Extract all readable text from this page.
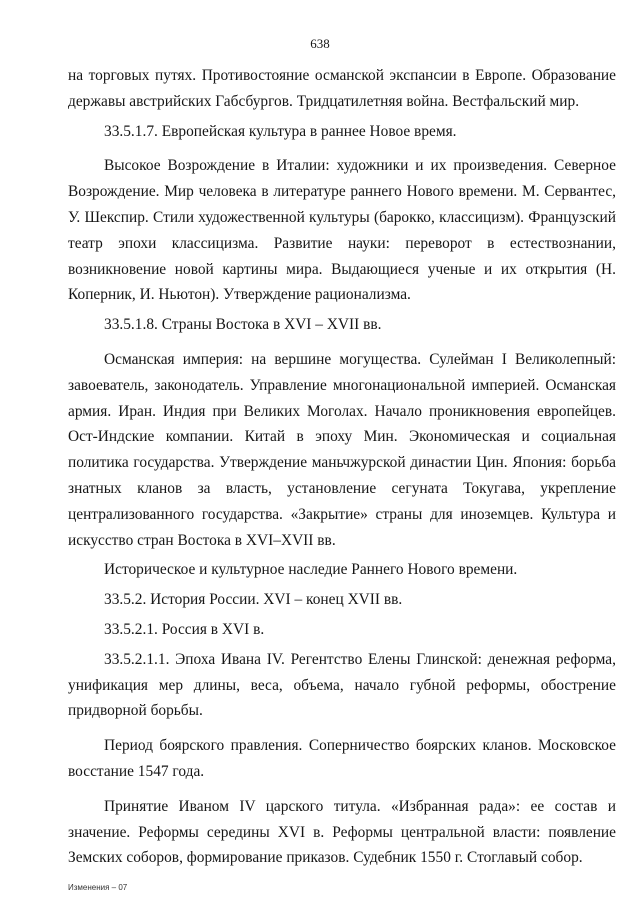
638

на торговых путях. Противостояние османской экспансии в Европе. Образование державы австрийских Габсбургов. Тридцатилетняя война. Вестфальский мир.

33.5.1.7. Европейская культура в раннее Новое время.

Высокое Возрождение в Италии: художники и их произведения. Северное Возрождение. Мир человека в литературе раннего Нового времени. М. Сервантес, У. Шекспир. Стили художественной культуры (барокко, классицизм). Французский театр эпохи классицизма. Развитие науки: переворот в естествознании, возникновение новой картины мира. Выдающиеся ученые и их открытия (Н. Коперник, И. Ньютон). Утверждение рационализма.

33.5.1.8. Страны Востока в XVI – XVII вв.

Османская империя: на вершине могущества. Сулейман I Великолепный: завоеватель, законодатель. Управление многонациональной империей. Османская армия. Иран. Индия при Великих Моголах. Начало проникновения европейцев. Ост-Индские компании. Китай в эпоху Мин. Экономическая и социальная политика государства. Утверждение маньчжурской династии Цин. Япония: борьба знатных кланов за власть, установление сегуната Токугава, укрепление централизованного государства. «Закрытие» страны для иноземцев. Культура и искусство стран Востока в XVI–XVII вв.

Историческое и культурное наследие Раннего Нового времени.

33.5.2. История России. XVI – конец XVII вв.

33.5.2.1. Россия в XVI в.

33.5.2.1.1. Эпоха Ивана IV. Регентство Елены Глинской: денежная реформа, унификация мер длины, веса, объема, начало губной реформы, обострение придворной борьбы.

Период боярского правления. Соперничество боярских кланов. Московское восстание 1547 года.

Принятие Иваном IV царского титула. «Избранная рада»: ее состав и значение. Реформы середины XVI в. Реформы центральной власти: появление Земских соборов, формирование приказов. Судебник 1550 г. Стоглавый собор.

Изменения – 07
